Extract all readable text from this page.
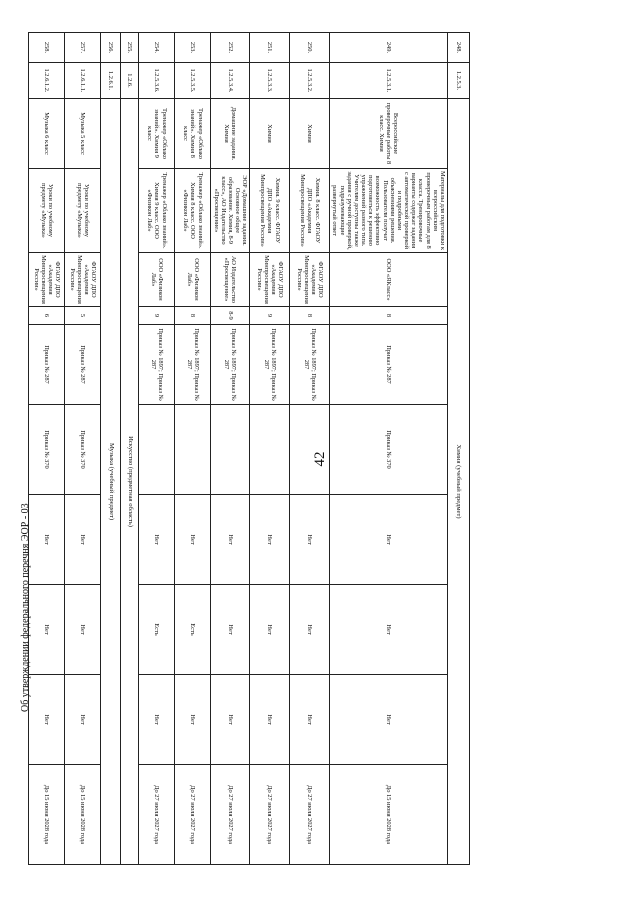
42
248.	1.2.5.3.	Химия (учебный предмет)									
249.	1.2.5.3.1.	Всероссийские проверочные работы 8 класс. Химия	Материалы для подготовки к всероссийским проверочным работам для 8 класса. Тренировочные варианты содержат задания с автоматической проверкой и подробными объяснениями решения. Пользователи получат возможность эффективно подготовиться к решению упражнений разного типа. Учителям доступны также задания с ручной проверкой, подразумевающие развернутый ответ	ООО «ЯКласс»	8	Приказ № 287	Приказ № 370	Нет	Нет	Нет	До 15 июня 2028 года
250.	1.2.5.3.2.	Химия	Химия. 8 класс. ФГАОУ ДПО «Академия Минпросвещения России»	ФГАОУ ДПО «Академия Минпросвещения России»	8	Приказ № 1897; Приказ № 287		Нет	Нет	Нет	До 27 июля 2027 года
251.	1.2.5.3.3.	Химия	Химия. 9 класс. ФГАОУ ДПО «Академия Минпросвещения России»	ФГАОУ ДПО «Академия Минпросвещения России»	9	Приказ № 1897; Приказ № 287		Нет	Нет	Нет	До 27 июля 2027 года
252.	1.2.5.3.4.	Домашние задания. Химия	ЭОР «Домашние задания. Основное общее образование. Химия, 8-9 класс», АО Издательство «Просвещение»	АО Издательство «Просвещение»	8-9	Приказ № 1897; Приказ № 287		Нет	Нет	Нет	До 27 июля 2027 года
253.	1.2.5.3.5.	Тренажер «Облако знаний». Химия 8 класс	Тренажер «Облако знаний». Химия 8 класс. ООО «Физикон Лаб»	ООО «Физикон Лаб»	8	Приказ № 1897; Приказ № 287		Нет	Есть	Нет	До 27 июля 2027 года
254.	1.2.5.3.6.	Тренажер «Облако знаний». Химия 9 класс	Тренажер «Облако знаний». Химия 9 класс. ООО «Физикон Лаб»	ООО «Физикон Лаб»	9	Приказ № 1897; Приказ № 287		Нет	Есть	Нет	До 27 июля 2027 года
255.	1.2.6.	Искусство (предметная область)									
256.	1.2.6.1.	Музыка (учебный предмет)									
257.	1.2.6.1.1.	Музыка 5 класс	Уроки по учебному предмету «Музыка»	ФГАОУ ДПО «Академия Минпросвещения России»	5	Приказ № 287	Приказ № 370	Нет	Нет	Нет	До 15 июня 2028 года
258.	1.2.6.1.2.	Музыка 6 класс	Уроки по учебному предмету «Музыка»	ФГАОУ ДПО «Академия Минпросвещения России»	6	Приказ № 287	Приказ № 370	Нет	Нет	Нет	До 15 июня 2028 года
Об утверждении федерального перечня ЭОР - 03
